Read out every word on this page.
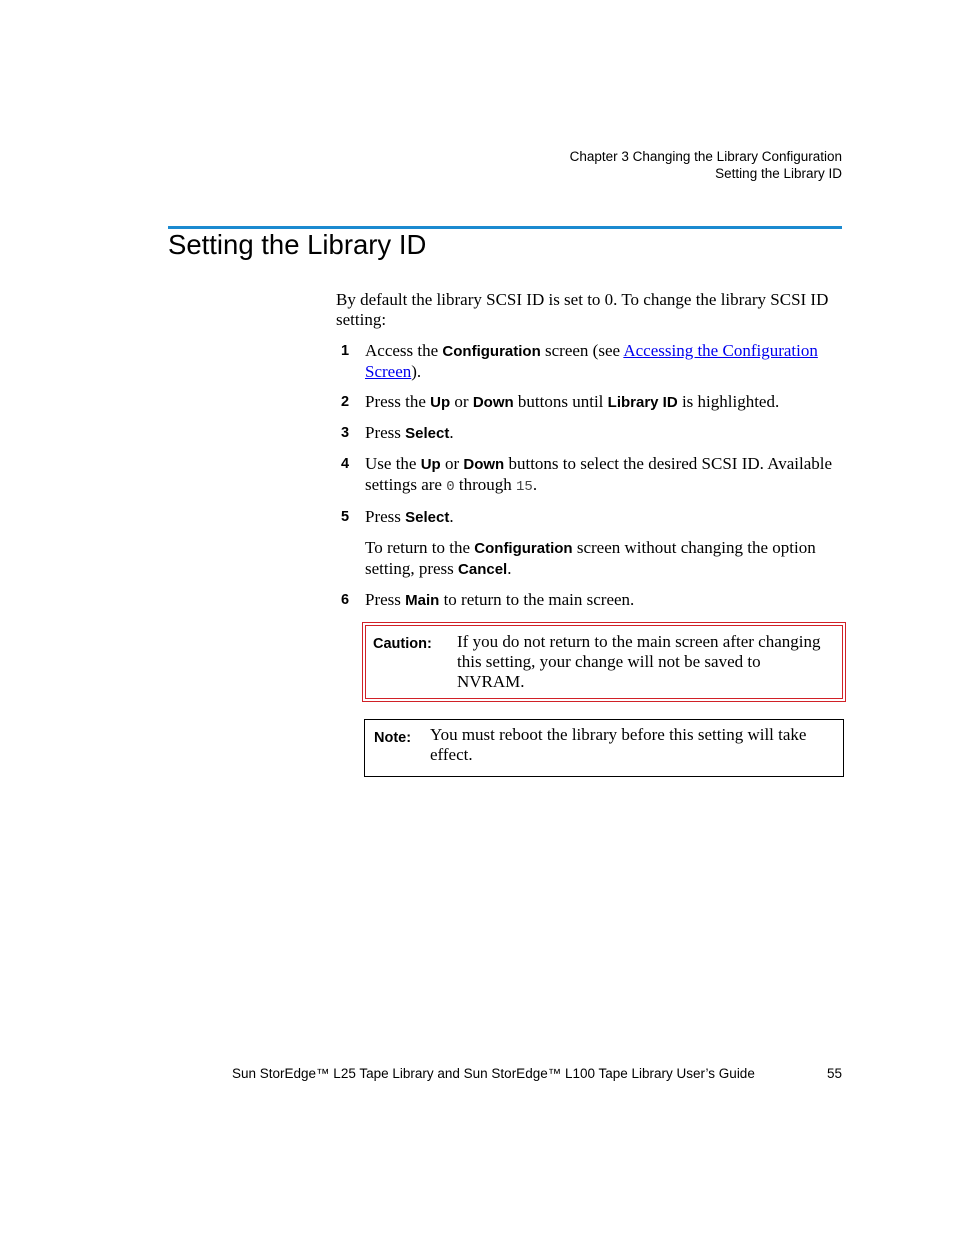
Chapter 3 Changing the Library Configuration
Setting the Library ID
Setting the Library ID

By default the library SCSI ID is set to 0. To change the library SCSI ID setting:

1 Access the Configuration screen (see Accessing the Configuration Screen).
2 Press the Up or Down buttons until Library ID is highlighted.
3 Press Select.
4 Use the Up or Down buttons to select the desired SCSI ID. Available settings are 0 through 15.
5 Press Select.
To return to the Configuration screen without changing the option setting, press Cancel.
6 Press Main to return to the main screen.
Caution: If you do not return to the main screen after changing this setting, your change will not be saved to NVRAM.
Note: You must reboot the library before this setting will take effect.
Sun StorEdge™ L25 Tape Library and Sun StorEdge™ L100 Tape Library User’s Guide	55
